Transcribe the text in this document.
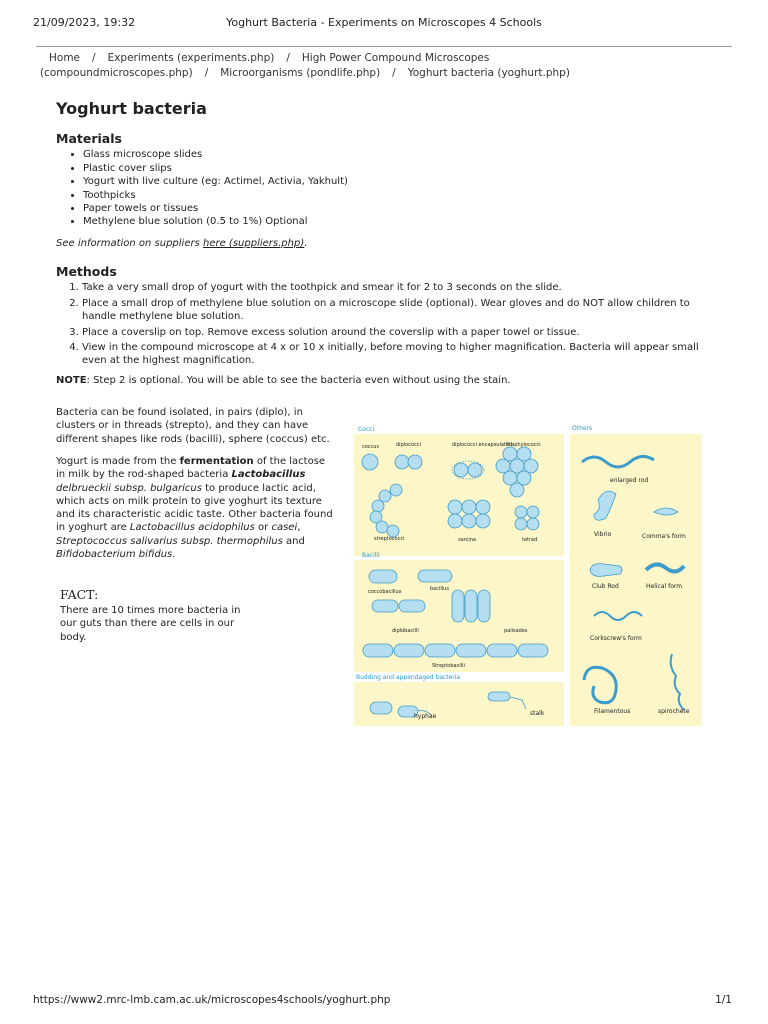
21/09/2023, 19:32	Yoghurt Bacteria - Experiments on Microscopes 4 Schools
Home / Experiments (experiments.php) / High Power Compound Microscopes (compoundmicroscopes.php) / Microorganisms (pondlife.php) / Yoghurt bacteria (yoghurt.php)
Yoghurt bacteria
Materials
• Glass microscope slides
• Plastic cover slips
• Yogurt with live culture (eg: Actimel, Activia, Yakhult)
• Toothpicks
• Paper towels or tissues
• Methylene blue solution (0.5 to 1%) Optional
See information on suppliers here (suppliers.php).
Methods
1. Take a very small drop of yogurt with the toothpick and smear it for 2 to 3 seconds on the slide.
2. Place a small drop of methylene blue solution on a microscope slide (optional). Wear gloves and do NOT allow children to handle methylene blue solution.
3. Place a coverslip on top. Remove excess solution around the coverslip with a paper towel or tissue.
4. View in the compound microscope at 4 x or 10 x initially, before moving to higher magnification. Bacteria will appear small even at the highest magnification.
NOTE: Step 2 is optional. You will be able to see the bacteria even without using the stain.
Bacteria can be found isolated, in pairs (diplo), in clusters or in threads (strepto), and they can have different shapes like rods (bacilli), sphere (coccus) etc.
Yogurt is made from the fermentation of the lactose in milk by the rod-shaped bacteria Lactobacillus delbrueckii subsp. bulgaricus to produce lactic acid, which acts on milk protein to give yoghurt its texture and its characteristic acidic taste. Other bacteria found in yoghurt are Lactobacillus acidophilus or casei, Streptococcus salivarius subsp. thermophilus and Bifidobacterium bifidus.
FACT:
There are 10 times more bacteria in our guts than there are cells in our body.
Cocci
Bacilli
Budding and appendaged bacteria
Others
coccus	diplococci	diplococci encapsulated
Staphylococci
streptococci	sarcina	tetrad
coccobacillus	bacillus
diplobacilli	palisades
Streptobacilli
hyphae	stalk
enlarged rod
Vibrio	Comma's form
Club Rod	Helical form
Corkscrew's form
Filamentous	spirochete
https://www2.mrc-lmb.cam.ac.uk/microscopes4schools/yoghurt.php	1/1
